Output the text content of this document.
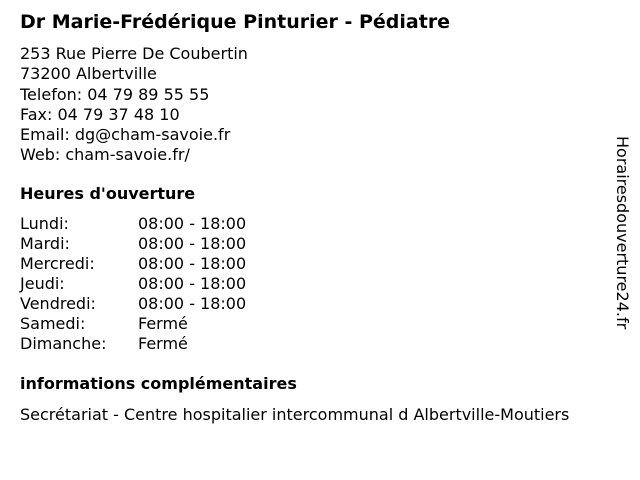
Dr Marie-Frédérique Pinturier - Pédiatre
253 Rue Pierre De Coubertin
73200 Albertville
Telefon: 04 79 89 55 55
Fax: 04 79 37 48 10
Email: dg@cham-savoie.fr
Web: cham-savoie.fr/
Heures d'ouverture
Lundi:	08:00 - 18:00
Mardi:	08:00 - 18:00
Mercredi:	08:00 - 18:00
Jeudi:	08:00 - 18:00
Vendredi:	08:00 - 18:00
Samedi:	Fermé
Dimanche:	Fermé
informations complémentaires
Secrétariat - Centre hospitalier intercommunal d Albertville-Moutiers
Horairesdouverture24.fr
